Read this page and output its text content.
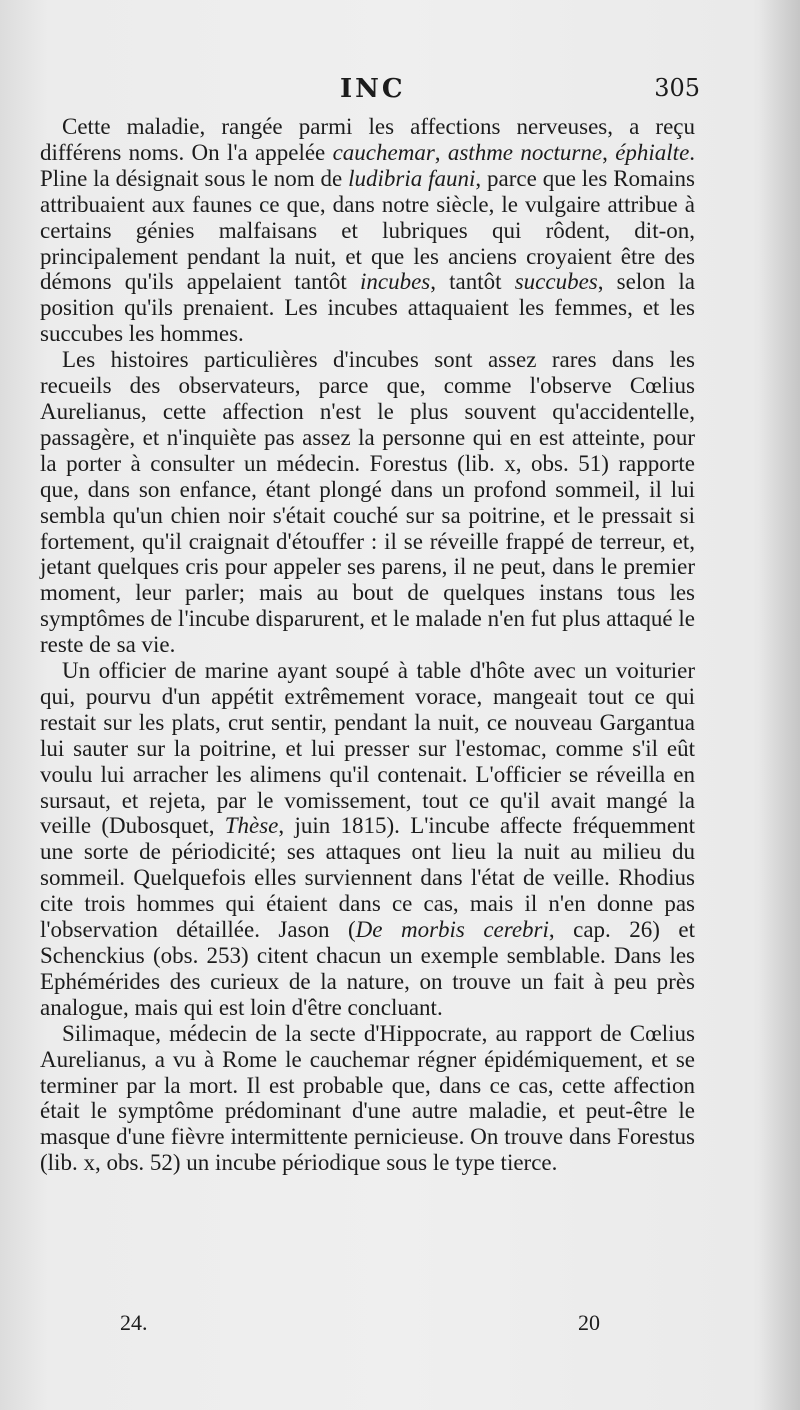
INC	305

Cette maladie, rangée parmi les affections nerveuses, a reçu différens noms. On l'a appelée cauchemar, asthme nocturne, éphialte. Pline la désignait sous le nom de ludibria fauni, parce que les Romains attribuaient aux faunes ce que, dans notre siècle, le vulgaire attribue à certains génies malfaisans et lubriques qui rôdent, dit-on, principalement pendant la nuit, et que les anciens croyaient être des démons qu'ils appelaient tantôt incubes, tantôt succubes, selon la position qu'ils prenaient. Les incubes attaquaient les femmes, et les succubes les hommes.

Les histoires particulières d'incubes sont assez rares dans les recueils des observateurs, parce que, comme l'observe Cœlius Aurelianus, cette affection n'est le plus souvent qu'accidentelle, passagère, et n'inquiète pas assez la personne qui en est atteinte, pour la porter à consulter un médecin. Forestus (lib. x, obs. 51) rapporte que, dans son enfance, étant plongé dans un profond sommeil, il lui sembla qu'un chien noir s'était couché sur sa poitrine, et le pressait si fortement, qu'il craignait d'étouffer : il se réveille frappé de terreur, et, jetant quelques cris pour appeler ses parens, il ne peut, dans le premier moment, leur parler; mais au bout de quelques instans tous les symptômes de l'incube disparurent, et le malade n'en fut plus attaqué le reste de sa vie.

Un officier de marine ayant soupé à table d'hôte avec un voiturier qui, pourvu d'un appétit extrêmement vorace, mangeait tout ce qui restait sur les plats, crut sentir, pendant la nuit, ce nouveau Gargantua lui sauter sur la poitrine, et lui presser sur l'estomac, comme s'il eût voulu lui arracher les alimens qu'il contenait. L'officier se réveilla en sursaut, et rejeta, par le vomissement, tout ce qu'il avait mangé la veille (Dubosquet, Thèse, juin 1815). L'incube affecte fréquemment une sorte de périodicité; ses attaques ont lieu la nuit au milieu du sommeil. Quelquefois elles surviennent dans l'état de veille. Rhodius cite trois hommes qui étaient dans ce cas, mais il n'en donne pas l'observation détaillée. Jason (De morbis cerebri, cap. 26) et Schenckius (obs. 253) citent chacun un exemple semblable. Dans les Ephémérides des curieux de la nature, on trouve un fait à peu près analogue, mais qui est loin d'être concluant.

Silimaque, médecin de la secte d'Hippocrate, au rapport de Cœlius Aurelianus, a vu à Rome le cauchemar régner épidémiquement, et se terminer par la mort. Il est probable que, dans ce cas, cette affection était le symptôme prédominant d'une autre maladie, et peut-être le masque d'une fièvre intermittente pernicieuse. On trouve dans Forestus (lib. x, obs. 52) un incube périodique sous le type tierce.

24.	20
